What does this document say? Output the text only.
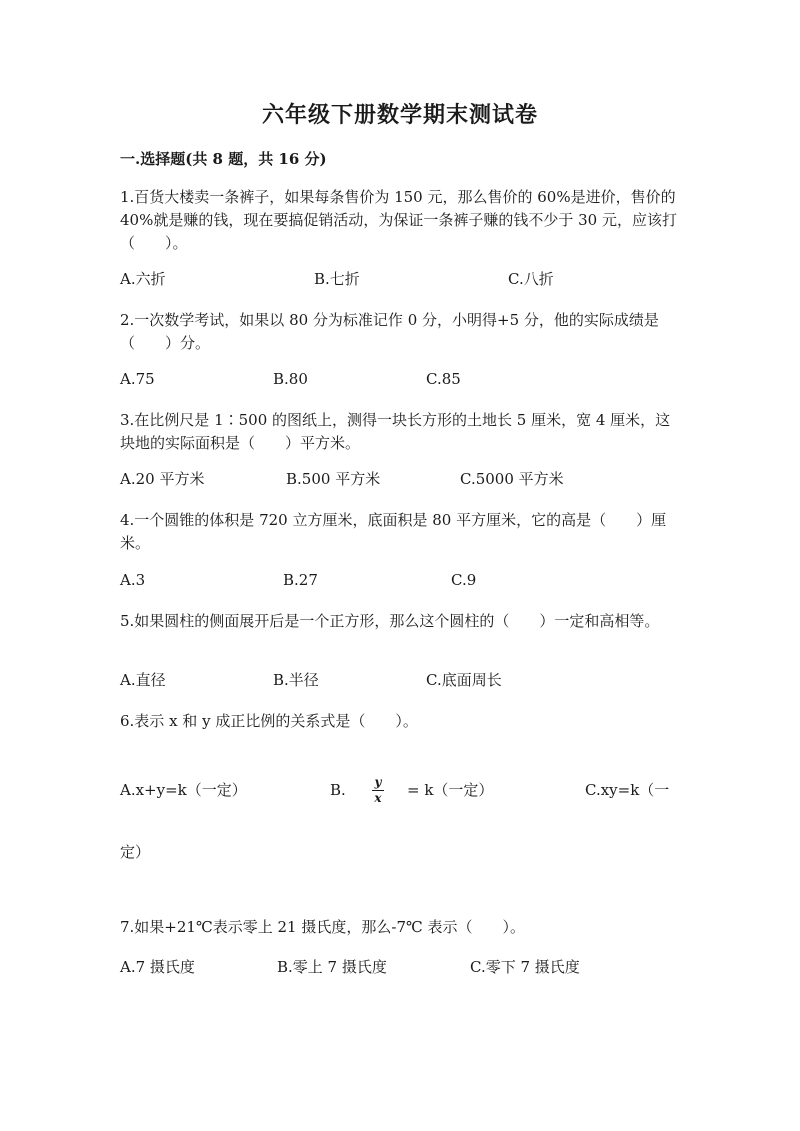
六年级下册数学期末测试卷
一.选择题(共 8 题，共 16 分)
1.百货大楼卖一条裤子，如果每条售价为 150 元，那么售价的 60%是进价，售价的 40%就是赚的钱，现在要搞促销活动，为保证一条裤子赚的钱不少于 30 元，应该打（　　）。
A.六折	B.七折	C.八折
2.一次数学考试，如果以 80 分为标准记作 0 分，小明得+5 分，他的实际成绩是（　　）分。
A.75	B.80	C.85
3.在比例尺是 1∶500 的图纸上，测得一块长方形的土地长 5 厘米，宽 4 厘米，这块地的实际面积是（　　）平方米。
A.20 平方米	B.500 平方米	C.5000 平方米
4.一个圆锥的体积是 720 立方厘米，底面积是 80 平方厘米，它的高是（　　）厘米。
A.3	B.27	C.9
5.如果圆柱的侧面展开后是一个正方形，那么这个圆柱的（　　）一定和高相等。
A.直径	B.半径	C.底面周长
6.表示 x 和 y 成正比例的关系式是（　　）。
A.x+y=k（一定）	B.	y
x = k（一定）	C.xy=k（一
定）
7.如果+21℃表示零上 21 摄氏度，那么-7℃ 表示（　　）。
A.7 摄氏度	B.零上 7 摄氏度	C.零下 7 摄氏度
